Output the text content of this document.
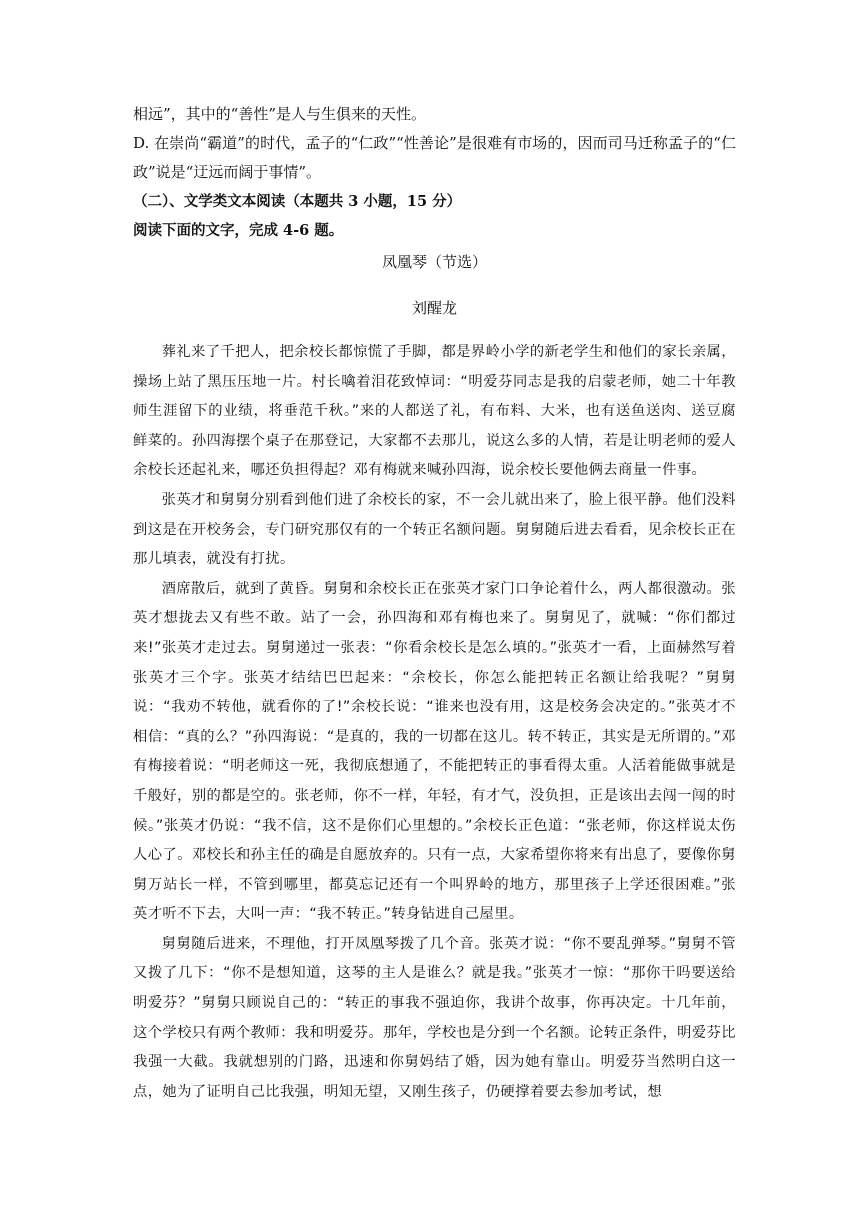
相远”，其中的“善性”是人与生俱来的天性。

D. 在崇尚“霸道”的时代，孟子的“仁政”“性善论”是很难有市场的，因而司马迁称孟子的“仁政”说是“迂远而阔于事情”。

（二）、文学类文本阅读（本题共 3 小题，15 分）

阅读下面的文字，完成 4-6 题。

凤凰琴（节选）

刘醒龙

葬礼来了千把人，把余校长都惊慌了手脚，都是界岭小学的新老学生和他们的家长亲属，操场上站了黑压压地一片。村长噙着泪花致悼词：“明爱芬同志是我的启蒙老师，她二十年教师生涯留下的业绩，将垂范千秋。”来的人都送了礼，有布料、大米，也有送鱼送肉、送豆腐鲜菜的。孙四海摆个桌子在那登记，大家都不去那儿，说这么多的人情，若是让明老师的爱人余校长还起礼来，哪还负担得起？邓有梅就来喊孙四海，说余校长要他俩去商量一件事。

张英才和舅舅分别看到他们进了余校长的家，不一会儿就出来了，脸上很平静。他们没料到这是在开校务会，专门研究那仅有的一个转正名额问题。舅舅随后进去看看，见余校长正在那儿填表，就没有打扰。

酒席散后，就到了黄昏。舅舅和余校长正在张英才家门口争论着什么，两人都很激动。张英才想拢去又有些不敢。站了一会，孙四海和邓有梅也来了。舅舅见了，就喊：“你们都过来!”张英才走过去。舅舅递过一张表：“你看余校长是怎么填的。”张英才一看，上面赫然写着张英才三个字。张英才结结巴巴起来：“余校长，你怎么能把转正名额让给我呢？”舅舅说：“我劝不转他，就看你的了!”余校长说：“谁来也没有用，这是校务会决定的。”张英才不相信：“真的么？”孙四海说：“是真的，我的一切都在这儿。转不转正，其实是无所谓的。”邓有梅接着说：“明老师这一死，我彻底想通了，不能把转正的事看得太重。人活着能做事就是千般好，别的都是空的。张老师，你不一样，年轻，有才气，没负担，正是该出去闯一闯的时候。”张英才仍说：“我不信，这不是你们心里想的。”余校长正色道：“张老师，你这样说太伤人心了。邓校长和孙主任的确是自愿放弃的。只有一点，大家希望你将来有出息了，要像你舅舅万站长一样，不管到哪里，都莫忘记还有一个叫界岭的地方，那里孩子上学还很困难。”张英才听不下去，大叫一声：“我不转正。”转身钻进自己屋里。

舅舅随后进来，不理他，打开凤凰琴拨了几个音。张英才说：“你不要乱弹琴。”舅舅不管又拨了几下：“你不是想知道，这琴的主人是谁么？就是我。”张英才一惊：“那你干吗要送给明爱芬？”舅舅只顾说自己的：“转正的事我不强迫你，我讲个故事，你再决定。十几年前，这个学校只有两个教师：我和明爱芬。那年，学校也是分到一个名额。论转正条件，明爱芬比我强一大截。我就想别的门路，迅速和你舅妈结了婚，因为她有靠山。明爱芬当然明白这一点，她为了证明自己比我强，明知无望，又刚生孩子，仍硬撑着要去参加考试，想
